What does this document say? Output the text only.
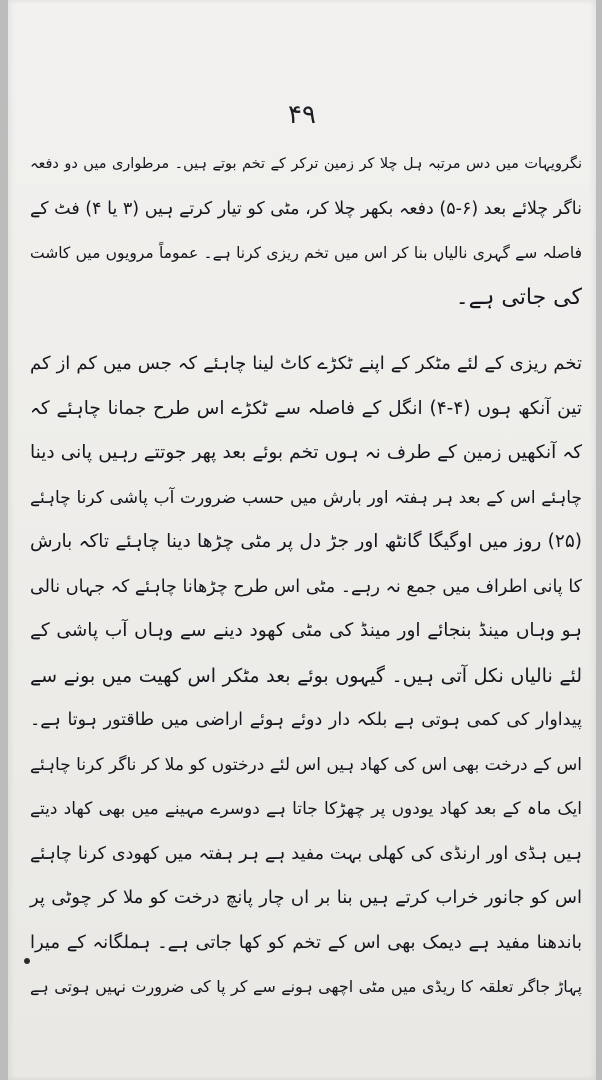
۴۹
نگرویہات میں دس مرتبہ ہل چلا کر زمین ترکر کے تخم بوتے ہیں۔ مرطواری میں دو دفعہ
ناگر چلائے بعد (۶-۵) دفعہ بکھر چلا کر، مٹی کو تیار کرتے ہیں (۳ یا ۴) فٹ کے
فاصلہ سے گہری نالیاں بنا کر اس میں تخم ریزی کرنا ہے۔ عموماً مرویوں میں کاشت
کی جاتی ہے۔
تخم ریزی کے لئے مٹکر کے اپنے ٹکڑے کاٹ لینا چاہئے کہ جس میں کم از کم
تین آنکھ ہوں (۴-۴) انگل کے فاصلہ سے ٹکڑے اس طرح جمانا چاہئے کہ
کہ آنکھیں زمین کے طرف نہ ہوں تخم بوئے بعد پھر جوتتے رہیں پانی دینا
چاہئے اس کے بعد ہر ہفتہ اور بارش میں حسب ضرورت آب پاشی کرنا چاہئے
(۲۵) روز میں اوگیگا گانٹھ اور جڑ دل پر مٹی چڑھا دینا چاہئے تاکہ بارش
کا پانی اطراف میں جمع نہ رہے۔ مٹی اس طرح چڑھانا چاہئے کہ جہاں نالی
ہو وہاں مینڈ بنجائے اور مینڈ کی مٹی کھود دینے سے وہاں آب پاشی کے
لئے نالیاں نکل آتی ہیں۔ گیہوں بوئے بعد مٹکر اس کھیت میں بونے سے
پیداوار کی کمی ہوتی ہے بلکہ دار دوئے ہوئے اراضی میں طاقتور ہوتا ہے۔
اس کے درخت بھی اس کی کھاد ہیں اس لئے درختوں کو ملا کر ناگر کرنا چاہئے
ایک ماہ کے بعد کھاد یودوں پر چھڑکا جاتا ہے دوسرے مہینے میں بھی کھاد دیتے
ہیں ہڈی اور ارنڈی کی کھلی بہت مفید ہے ہر ہفتہ میں کھودی کرنا چاہئے
اس کو جانور خراب کرتے ہیں بنا بر اں چار پانچ درخت کو ملا کر چوٹی پر
باندھنا مفید ہے دیمک بھی اس کے تخم کو کھا جاتی ہے۔ ہملگانہ کے میرا
پہاڑ جاگر تعلقہ کا ریڈی میں مٹی اچھی ہونے سے کر پا کی ضرورت نہیں ہوتی ہے
